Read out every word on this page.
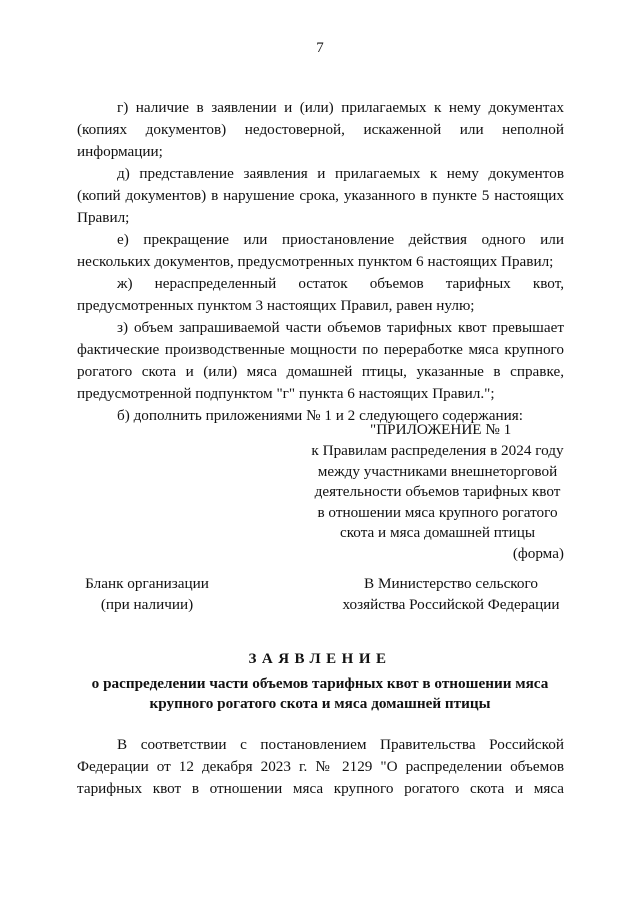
7

г) наличие в заявлении и (или) прилагаемых к нему документах (копиях документов) недостоверной, искаженной или неполной информации;

д) представление заявления и прилагаемых к нему документов (копий документов) в нарушение срока, указанного в пункте 5 настоящих Правил;

е) прекращение или приостановление действия одного или нескольких документов, предусмотренных пунктом 6 настоящих Правил;

ж) нераспределенный остаток объемов тарифных квот, предусмотренных пунктом 3 настоящих Правил, равен нулю;

з) объем запрашиваемой части объемов тарифных квот превышает фактические производственные мощности по переработке мяса крупного рогатого скота и (или) мяса домашней птицы, указанные в справке, предусмотренной подпунктом "г" пункта 6 настоящих Правил.";

б) дополнить приложениями № 1 и 2 следующего содержания:

"ПРИЛОЖЕНИЕ № 1
к Правилам распределения в 2024 году
между участниками внешнеторговой
деятельности объемов тарифных квот
в отношении мяса крупного рогатого
скота и мяса домашней птицы
(форма)
Бланк организации
(при наличии)
В Министерство сельского
хозяйства Российской Федерации
ЗАЯВЛЕНИЕ
о распределении части объемов тарифных квот в отношении мяса
крупного рогатого скота и мяса домашней птицы

В соответствии с постановлением Правительства Российской

Федерации от 12 декабря 2023 г. № 2129 "О распределении объемов

тарифных квот в отношении мяса крупного рогатого скота и мяса
